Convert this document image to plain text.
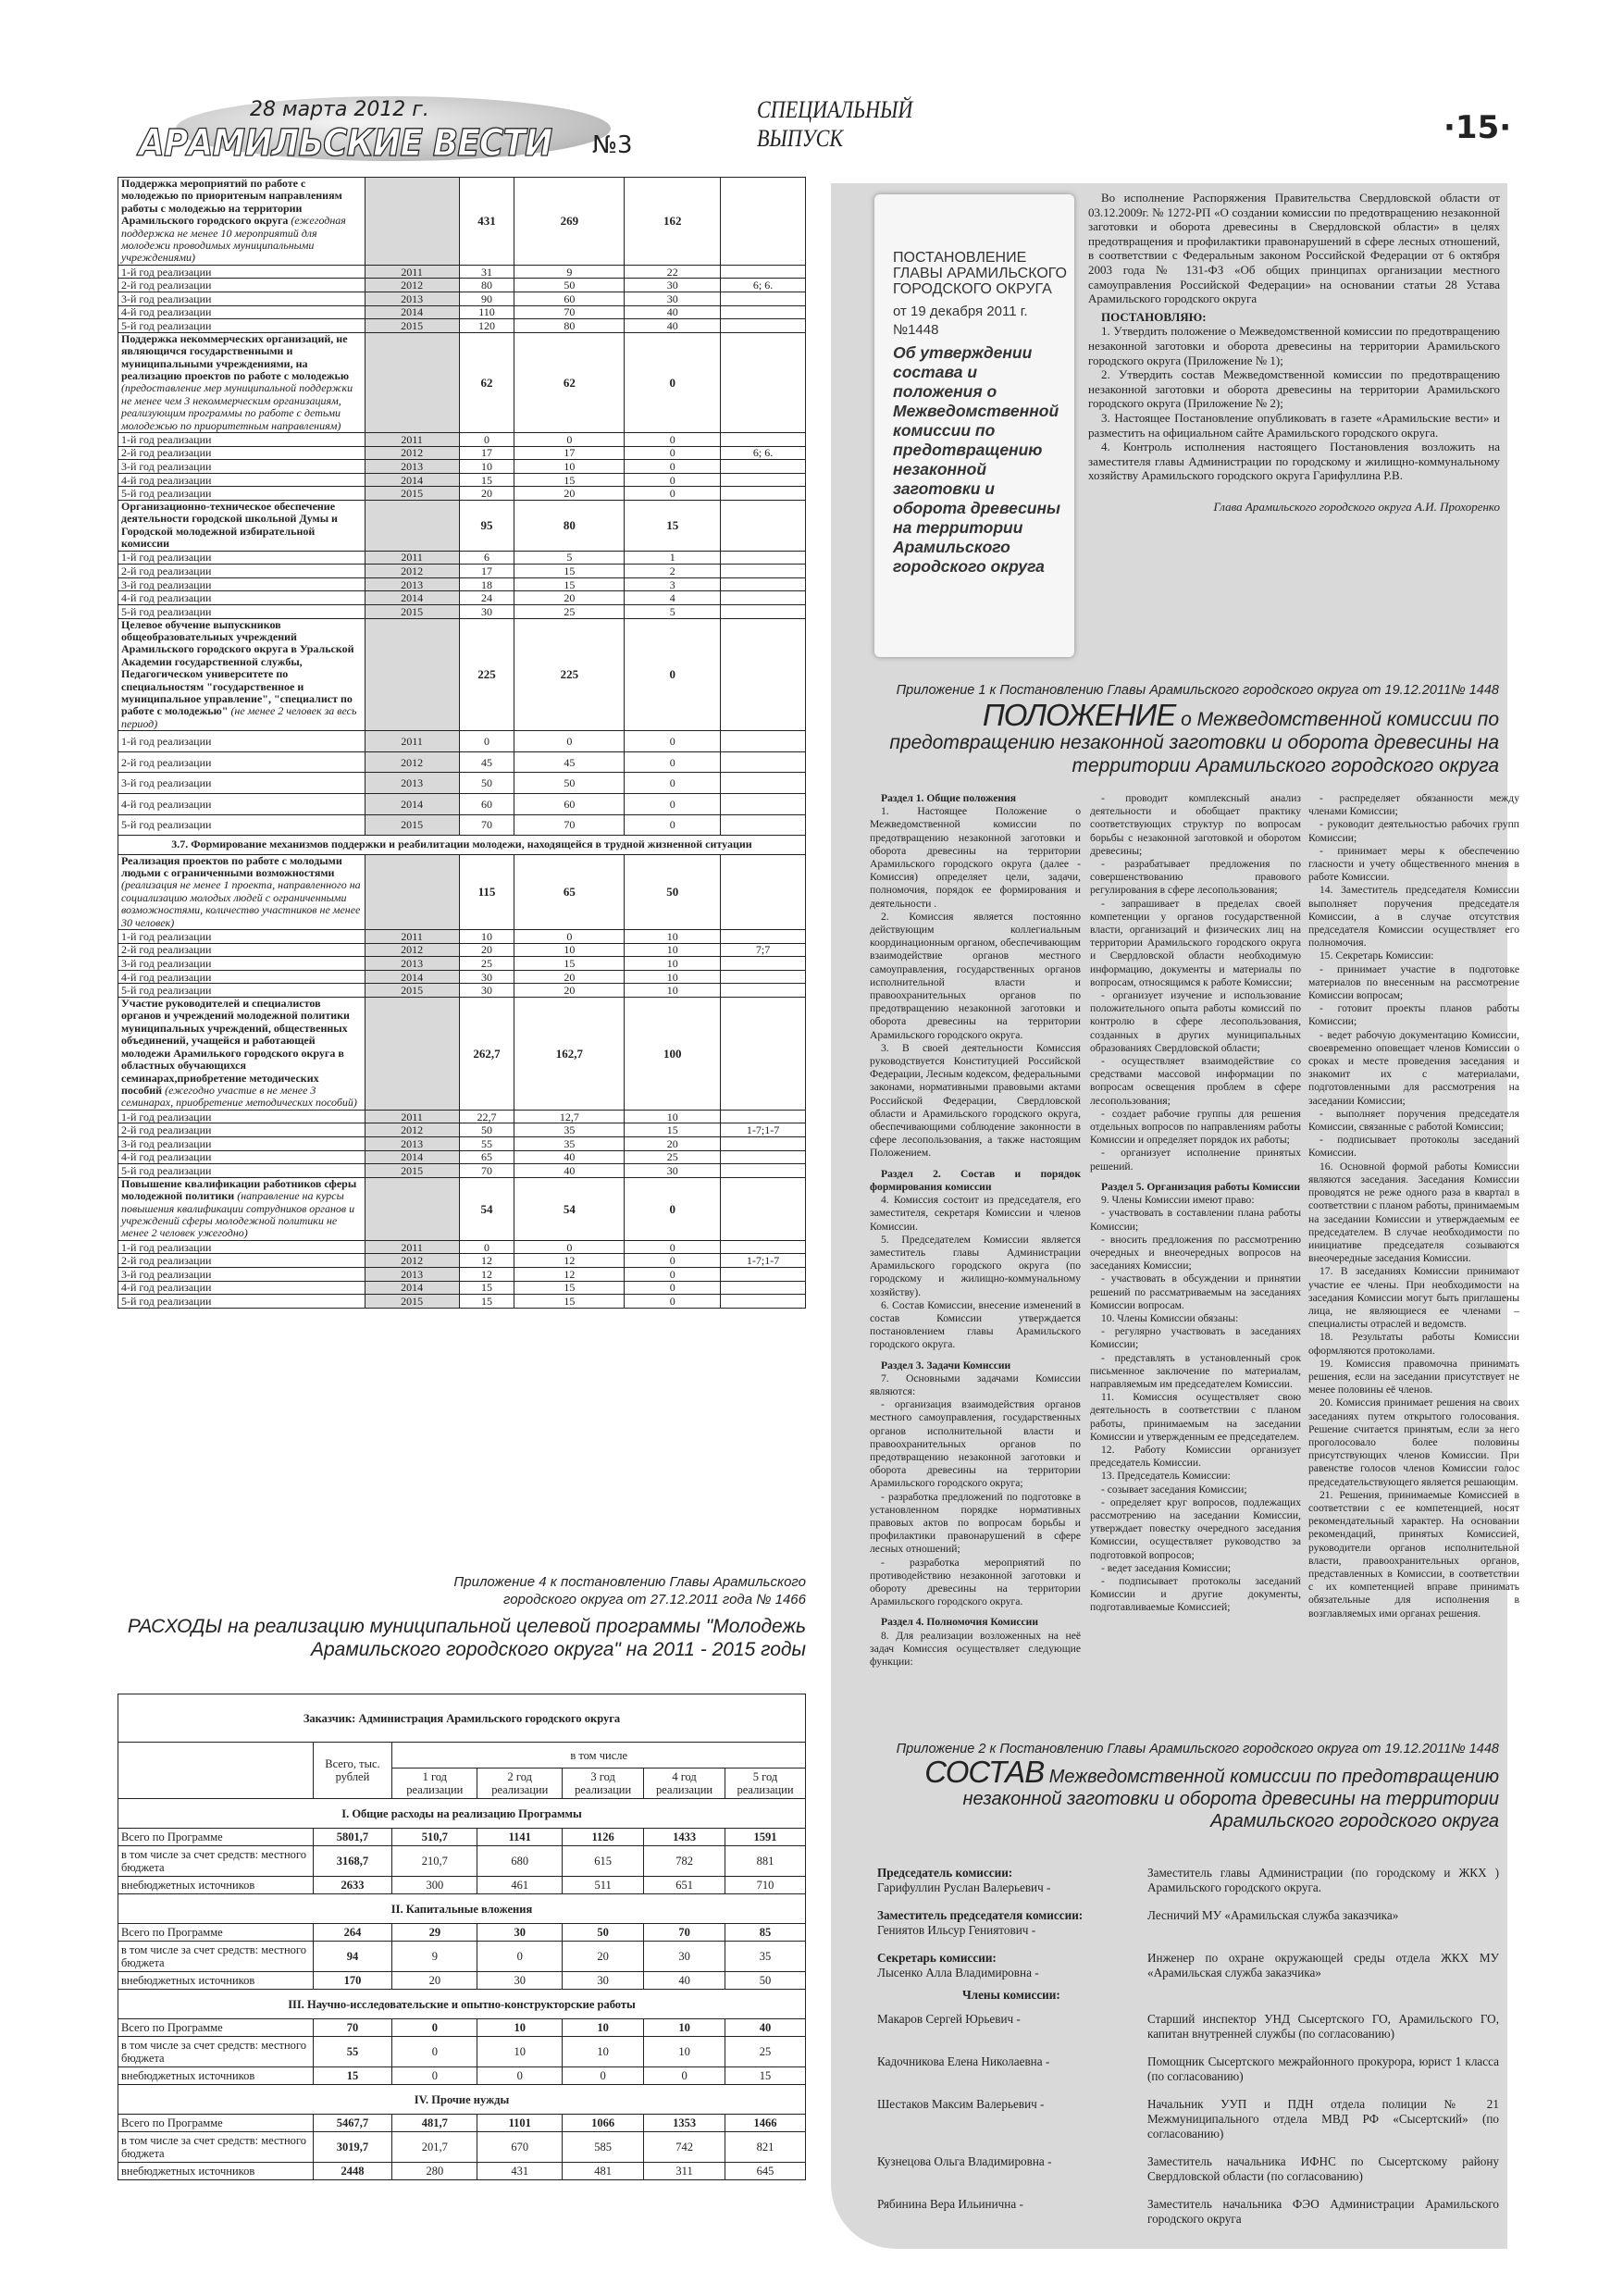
28 марта 2012 г.
АРАМИЛЬСКИЕ ВЕСТИ №3
СПЕЦИАЛЬНЫЙ
ВЫПУСК	·15·
Поддержка мероприятий по работе с молодежью по приоритеным направлениям работы с молодежью на территории Арамильского городского округа (ежегодная поддержка не менее 10 мероприятий для молодежи проводимых муниципальными учреждениями)		431	269	162	
1-й год реализации	2011	31	9	22	
2-й год реализации	2012	80	50	30	6; 6.
3-й год реализации	2013	90	60	30	
4-й год реализации	2014	110	70	40	
5-й год реализации	2015	120	80	40	
Поддержка некоммерческих организаций, не являющичся государственными и муниципальными учреждениями, на реализацию проектов по работе с молодежью (предоставление мер муниципальной поддержки не менее чем 3 некоммерческим организациям, реализующим программы по работе с детьми молодежью по приоритетным направлениям)		62	62	0	
1-й год реализации	2011	0	0	0	
2-й год реализации	2012	17	17	0	6; 6.
3-й год реализации	2013	10	10	0	
4-й год реализации	2014	15	15	0	
5-й год реализации	2015	20	20	0	
Организационно-техническое обеспечение деятельности городской школьной Думы и Городской молодежной избирательной комиссии		95	80	15	
1-й год реализации	2011	6	5	1	
2-й год реализации	2012	17	15	2	
3-й год реализации	2013	18	15	3	
4-й год реализации	2014	24	20	4	
5-й год реализации	2015	30	25	5	
Целевое обучение выпускников общеобразовательных учреждений Арамильского городского округа в Уральской Академии государственной службы, Педагогическом университете по специальностям "государственное и муниципальное управление", "специалист по работе с молодежью" (не менее 2 человек за весь период)		225	225	0	
1-й год реализации	2011	0	0	0	
2-й год реализации	2012	45	45	0	
3-й год реализации	2013	50	50	0	
4-й год реализации	2014	60	60	0	
5-й год реализации	2015	70	70	0	
3.7. Формирование механизмов поддержки и реабилитации молодежи, находящейся в трудной жизненной ситуации					
Реализация проектов по работе с молодыми людьми с ограниченными возможностями (реализация не менее 1 проекта, направленного на социализацию молодых людей с ограниченными возможностями, количество участников не менее 30 человек)		115	65	50	
1-й год реализации	2011	10	0	10	
2-й год реализации	2012	20	10	10	7;7
3-й год реализации	2013	25	15	10	
4-й год реализации	2014	30	20	10	
5-й год реализации	2015	30	20	10	
Участие руководителей и специалистов органов и учреждений молодежной политики муниципальных учреждений, общественных объединений, учащейся и работающей молодежи Арамилького городского округа в областных обучающихся семинарах,приобретение методических пособий (ежегодно участие в не менее 3 семинарах, приобретение методических пособий)		262,7	162,7	100	
1-й год реализации	2011	22,7	12,7	10	
2-й год реализации	2012	50	35	15	1-7;1-7
3-й год реализации	2013	55	35	20	
4-й год реализации	2014	65	40	25	
5-й год реализации	2015	70	40	30	
Повышение квалификации работников сферы молодежной политики (направление на курсы повышения квалификации сотрудников органов и учреждений сферы молодежной политики не менее 2 человек ужегодно)		54	54	0	
1-й год реализации	2011	0	0	0	
2-й год реализации	2012	12	12	0	1-7;1-7
3-й год реализации	2013	12	12	0	
4-й год реализации	2014	15	15	0	
5-й год реализации	2015	15	15	0	
Приложение 4 к постановлению Главы Арамильского
городского округа от 27.12.2011 года № 1466
РАСХОДЫ на реализацию муниципальной целевой программы "Молодежь
Арамильского городского округа" на 2011 - 2015 годы
Заказчик: Администрация Арамильского городского округа						
	Всего, тыс. рублей	в том числе				
		1 год реализации	2 год реализации	3 год реализации	4 год реализации	5 год реализации
I. Общие расходы на реализацию Программы						
Всего по Программе	5801,7	510,7	1141	1126	1433	1591
в том числе за счет средств: местного бюджета	3168,7	210,7	680	615	782	881
внебюджетных источников	2633	300	461	511	651	710
II. Капитальные вложения						
Всего по Программе	264	29	30	50	70	85
в том числе за счет средств: местного бюджета	94	9	0	20	30	35
внебюджетных источников	170	20	30	30	40	50
III. Научно-исследовательские и опытно-конструкторские работы						
Всего по Программе	70	0	10	10	10	40
в том числе за счет средств: местного бюджета	55	0	10	10	10	25
внебюджетных источников	15	0	0	0	0	15
IV. Прочие нужды						
Всего по Программе	5467,7	481,7	1101	1066	1353	1466
в том числе за счет средств: местного бюджета	3019,7	201,7	670	585	742	821
внебюджетных источников	2448	280	431	481	311	645
ПОСТАНОВЛЕНИЕ ГЛАВЫ АРАМИЛЬСКОГО ГОРОДСКОГО ОКРУГА
от 19 декабря 2011 г. №1448
Об утверждении состава и положения о Межведомственной комиссии по предотвращению незаконной заготовки и оборота древесины на территории Арамильского городского округа

Во исполнение Распоряжения Правительства Свердловской области от 03.12.2009г. № 1272-РП «О создании комиссии по предотвращению незаконной заготовки и оборота древесины в Свердловской области» в целях предотвращения и профилактики правонарушений в сфере лесных отношений, в соответствии с Федеральным законом Российской Федерации от 6 октября 2003 года № 131-ФЗ «Об общих принципах организации местного самоуправления Российской Федерации» на основании статьи 28 Устава Арамильского городского округа

ПОСТАНОВЛЯЮ:

1. Утвердить положение о Межведомственной комиссии по предотвращению незаконной заготовки и оборота древесины на территории Арамильского городского округа (Приложение № 1);

2. Утвердить состав Межведомственной комиссии по предотвращению незаконной заготовки и оборота древесины на территории Арамильского городского округа (Приложение № 2);

3. Настоящее Постановление опубликовать в газете «Арамильские вести» и разместить на официальном сайте Арамильского городского округа.

4. Контроль исполнения настоящего Постановления возложить на заместителя главы Администрации по городскому и жилищно-коммунальному хозяйству Арамильского городского округа Гарифуллина Р.В.

Глава Арамильского городского округа А.И. Прохоренко

Приложение 1 к Постановлению Главы Арамильского городского округа от 19.12.2011№ 1448
ПОЛОЖЕНИЕ о Межведомственной комиссии по предотвращению незаконной заготовки и оборота древесины на территории Арамильского городского округа
Раздел 1. Общие положения

1. Настоящее Положение о Межведомственной комиссии по предотвращению незаконной заготовки и оборота древесины на территории Арамильского городского округа (далее - Комиссия) определяет цели, задачи, полномочия, порядок ее формирования и деятельности .

2. Комиссия является постоянно действующим коллегиальным координационным органом, обеспечивающим взаимодействие органов местного самоуправления, государственных органов исполнительной власти и правоохранительных органов по предотвращению незаконной заготовки и оборота древесины на территории Арамильского городского округа.

3. В своей деятельности Комиссия руководствуется Конституцией Российской Федерации, Лесным кодексом, федеральными законами, нормативными правовыми актами Российской Федерации, Свердловской области и Арамильского городского округа, обеспечивающими соблюдение законности в сфере лесопользования, а также настоящим Положением.

Раздел 2. Состав и порядок формирования комиссии

4. Комиссия состоит из председателя, его заместителя, секретаря Комиссии и членов Комиссии.

5. Председателем Комиссии является заместитель главы Администрации Арамильского городского округа (по городскому и жилищно-коммунальному хозяйству).

6. Состав Комиссии, внесение изменений в состав Комиссии утверждается постановлением главы Арамильского городского округа.

Раздел 3. Задачи Комиссии

7. Основными задачами Комиссии являются:

- организация взаимодействия органов местного самоуправления, государственных органов исполнительной власти и правоохранительных органов по предотвращению незаконной заготовки и оборота древесины на территории Арамильского городского округа;

- разработка предложений по подготовке в установленном порядке нормативных правовых актов по вопросам борьбы и профилактики правонарушений в сфере лесных отношений;

- разработка мероприятий по противодействию незаконной заготовки и обороту древесины на территории Арамильского городского округа.

Раздел 4. Полномочия Комиссии

8. Для реализации возложенных на неё задач Комиссия осуществляет следующие функции:

- проводит комплексный анализ деятельности и обобщает практику соответствующих структур по вопросам борьбы с незаконной заготовкой и оборотом древесины;

- разрабатывает предложения по совершенствованию правового регулирования в сфере лесопользования;

- запрашивает в пределах своей компетенции у органов государственной власти, организаций и физических лиц на территории Арамильского городского округа и Свердловской области необходимую информацию, документы и материалы по вопросам, относящимся к работе Комиссии;

- организует изучение и использование положительного опыта работы комиссий по контролю в сфере лесопользования, созданных в других муниципальных образованиях Свердловской области;

- осуществляет взаимодействие со средствами массовой информации по вопросам освещения проблем в сфере лесопользования;

- создает рабочие группы для решения отдельных вопросов по направлениям работы Комиссии и определяет порядок их работы;

- организует исполнение принятых решений.

Раздел 5. Организация работы Комиссии

9. Члены Комиссии имеют право:

- участвовать в составлении плана работы Комиссии;

- вносить предложения по рассмотрению очередных и внеочередных вопросов на заседаниях Комиссии;

- участвовать в обсуждении и принятии решений по рассматриваемым на заседаниях Комиссии вопросам.

10. Члены Комиссии обязаны:

- регулярно участвовать в заседаниях Комиссии;

- представлять в установленный срок письменное заключение по материалам, направляемым им председателем Комиссии.

11. Комиссия осуществляет свою деятельность в соответствии с планом работы, принимаемым на заседании Комиссии и утвержденным ее председателем.

12. Работу Комиссии организует председатель Комиссии.

13. Председатель Комиссии:

- созывает заседания Комиссии;

- определяет круг вопросов, подлежащих рассмотрению на заседании Комиссии, утверждает повестку очередного заседания Комиссии, осуществляет руководство за подготовкой вопросов;

- ведет заседания Комиссии;

- подписывает протоколы заседаний Комиссии и другие документы, подготавливаемые Комиссией;

- распределяет обязанности между членами Комиссии;

- руководит деятельностью рабочих групп Комиссии;

- принимает меры к обеспечению гласности и учету общественного мнения в работе Комиссии.

14. Заместитель председателя Комиссии выполняет поручения председателя Комиссии, а в случае отсутствия председателя Комиссии осуществляет его полномочия.

15. Секретарь Комиссии:

- принимает участие в подготовке материалов по внесенным на рассмотрение Комиссии вопросам;

- готовит проекты планов работы Комиссии;

- ведет рабочую документацию Комиссии, своевременно оповещает членов Комиссии о сроках и месте проведения заседания и знакомит их с материалами, подготовленными для рассмотрения на заседании Комиссии;

- выполняет поручения председателя Комиссии, связанные с работой Комиссии;

- подписывает протоколы заседаний Комиссии.

16. Основной формой работы Комиссии являются заседания. Заседания Комиссии проводятся не реже одного раза в квартал в соответствии с планом работы, принимаемым на заседании Комиссии и утверждаемым ее председателем. В случае необходимости по инициативе председателя созываются внеочередные заседания Комиссии.

17. В заседаниях Комиссии принимают участие ее члены. При необходимости на заседания Комиссии могут быть приглашены лица, не являющиеся ее членами – специалисты отраслей и ведомств.

18. Результаты работы Комиссии оформляются протоколами.

19. Комиссия правомочна принимать решения, если на заседании присутствует не менее половины её членов.

20. Комиссия принимает решения на своих заседаниях путем открытого голосования. Решение считается принятым, если за него проголосовало более половины присутствующих членов Комиссии. При равенстве голосов членов Комиссии голос председательствующего является решающим.

21. Решения, принимаемые Комиссией в соответствии с ее компетенцией, носят рекомендательный характер. На основании рекомендаций, принятых Комиссией, руководители органов исполнительной власти, правоохранительных органов, представленных в Комиссии, в соответствии с их компетенцией вправе принимать обязательные для исполнения в возглавляемых ими органах решения.

Приложение 2 к Постановлению Главы Арамильского городского округа от 19.12.2011№ 1448
СОСТАВ Межведомственной комиссии по предотвращению незаконной заготовки и оборота древесины на территории Арамильского городского округа
Председатель комиссии:
Гарифуллин Руслан Валерьевич -
Заместитель главы Администрации (по городскому и ЖКХ ) Арамильского городского округа.
Заместитель председателя комиссии:
Гениятов Ильсур Гениятович -
Лесничий МУ «Арамильская служба заказчика»
Секретарь комиссии:
Лысенко Алла Владимировна -
Инженер по охране окружающей среды отдела ЖКХ МУ «Арамильская служба заказчика»
Члены комиссии:
Макаров Сергей Юрьевич -	Старший инспектор УНД Сысертского ГО, Арамильского ГО, капитан внутренней службы (по согласованию)
Кадочникова Елена Николаевна -	Помощник Сысертского межрайонного прокурора, юрист 1 класса (по согласованию)
Шестаков Максим Валерьевич -	Начальник УУП и ПДН отдела полиции № 21 Межмуниципального отдела МВД РФ «Сысертский» (по согласованию)
Кузнецова Ольга Владимировна -	Заместитель начальника ИФНС по Сысертскому району Свердловской области (по согласованию)
Рябинина Вера Ильинична -	Заместитель начальника ФЭО Администрации Арамильского городского округа
